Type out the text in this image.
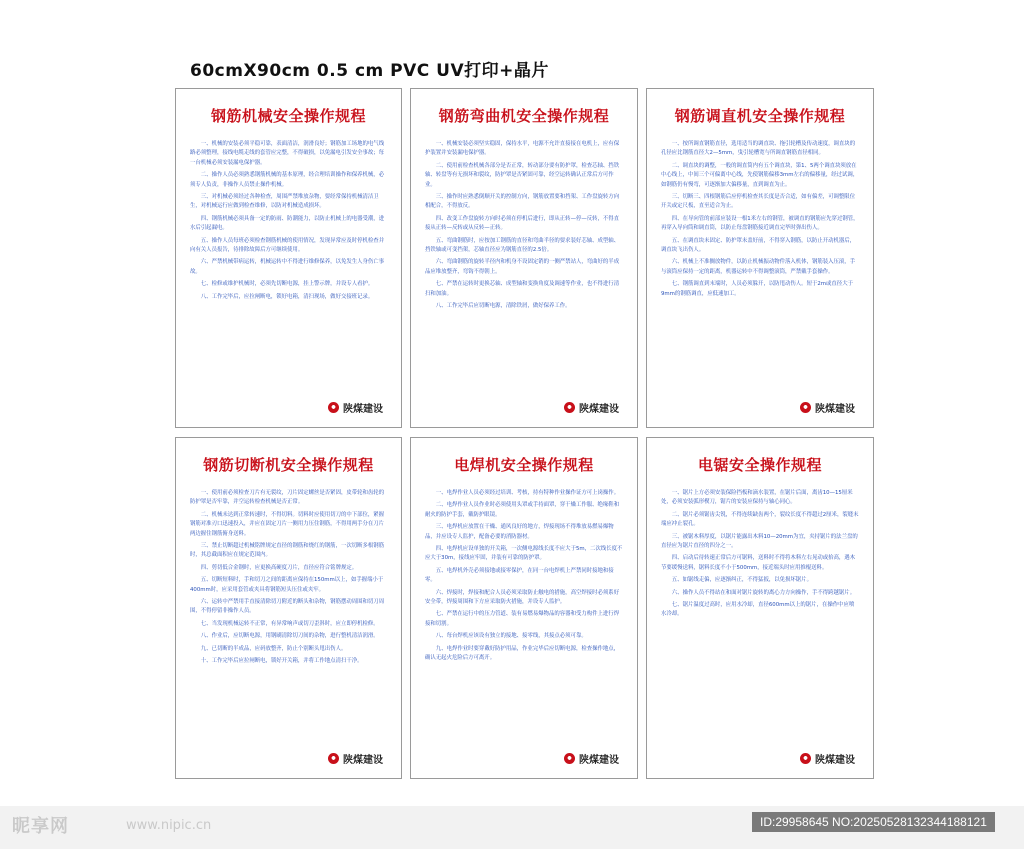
60cmX90cm 0.5 cm PVC UV打印+晶片
钢筋机械安全操作规程

一、机械的安装必须平稳可靠，表面清洁，润滑良好；钢筋加工场地的电气线路必须整理，接线电缆走线的套管应完整，不得破损，以免漏电引发安全事故；每一台机械必须安装漏电保护器。

二、操作人员必须熟悉钢筋机械的基本原理，经合理培训操作和保养机械，必须专人负责，非操作人员禁止操作机械。

三、对机械必须经过各种检查，周围严禁堆放杂物，要经常保持机械清洁卫生，对机械运行应做到检查维修，以防对机械造成损坏。

四、钢筋机械必须具备一定的防雨、防潮能力，以防止机械上的电器受潮，进水后引起漏电。

五、操作人员每班必须检查钢筋机械的使用情况，发现异常应及时停机检查并向有关人员报告，待排除故障后方可继续使用。

六、严禁机械带病运转，机械运转中不得进行维修保养，以免发生人身伤亡事故。

七、检修或维护机械时，必须先切断电源，挂上警示牌，并设专人看护。

八、工作完毕后，应拉闸断电，锁好电箱，清扫现场，做好交接班记录。

陕煤建设
钢筋弯曲机安全操作规程

一、机械安装必须坚实稳固，保持水平，电源不允许直接接在电机上，应有保护装置并安装漏电保护器。

二、使用前检查机械各部分是否正常，转动部分要有防护罩，检查芯轴、挡铁轴、转盘等有无损坏和裂纹，防护罩是否紧固可靠，经空运转确认正常后方可作业。

三、操作时应熟悉倒顺开关的控制方向，钢筋放置要和挡架、工作盘旋转方向相配合，不得放反。

四、改变工作盘旋转方向时必须在停机后进行，即从正转—停—反转，不得直接从正转—反转或从反转—正转。

五、弯曲钢筋时，应按加工钢筋的直径和弯曲半径的要求装好芯轴、成型轴、挡铁轴或可变挡架，芯轴直径应为钢筋直径的2.5倍。

六、弯曲钢筋的旋转半径内和机身不设固定销的一侧严禁站人，弯曲好的半成品应堆放整齐，弯钩不得朝上。

七、严禁在运转时更换芯轴、成型轴和变换角度及调速等作业，也不得进行清扫和加油。

八、工作完毕后应切断电源，清除铁屑，做好保养工作。

陕煤建设
钢筋调直机安全操作规程

一、按所调直钢筋直径，选用适当的调直块、拖引轮槽及传动速度，调直块的孔径应比钢筋直径大2—5mm，曳引轮槽宽与所调直钢筋直径相同。

二、调直块的调整，一般的调直筒内有五个调直块，第1、5两个调直块须放在中心线上，中间三个可偏离中心线，先使钢筋偏移3mm左右的偏移量，经过试调，如钢筋仍有慢弯，可逐渐加大偏移量，直到调直为止。

三、切断三、四根钢筋后应停机检查其长度是否合适，如有偏差，可调整限位开关或定尺板，直至适合为止。

四、在导向管的前部应装设一根1米左右的钢管，被调直的钢筋应先穿过钢管，再穿入导向筒和调直筒，以防止每盘钢筋接近调直完毕时弹出伤人。

五、在调直块未固定、防护罩未盖好前，不得穿入钢筋，以防止开动机器后，调直块飞出伤人。

六、机械上不准搁放物件，以防止机械振动物件落入机体，钢筋装入压滚，手与滚筒应保持一定的距离，机器运转中不得调整滚筒，严禁戴手套操作。

七、钢筋调直到末端时，人员必须躲开，以防甩动伤人。短于2m或直径大于9mm的钢筋调直，应低速加工。

陕煤建设
钢筋切断机安全操作规程

一、使用前必须检查刀片有无裂纹，刀片固定螺丝是否紧固，皮带轮和齿轮的防护罩是否牢靠，并空运转检查机械是否正常。

二、机械未达到正常转速时，不得切料。切料时应使用切刀的中下部位，紧握钢筋对准刃口迅速投入，并应在固定刀片一侧用力压住钢筋，不得用两手分在刀片两边握住钢筋俯身送料。

三、禁止切断超过机械铭牌规定直径的钢筋和烧红的钢筋，一次切断多根钢筋时，其总截面积应在规定范围内。

四、剪切低合金钢时，应更换高硬度刀片，直径应符合铭牌规定。

五、切断短料时，手和切刀之间的距离应保持在150mm以上，如手握端小于400mm时，应采用套管或夹具将钢筋短头压住或夹牢。

六、运转中严禁用手直接清除切刀附近的断头和杂物，钢筋摆动周围和切刀周围，不得停留非操作人员。

七、当发现机械运转不正常，有异常响声或切刀歪斜时，应立即停机检修。

八、作业后，应切断电源，用钢刷清除切刀间的杂物，进行整机清洁润滑。

九、已切断的半成品，应码放整齐，防止个别断头甩出伤人。

十、工作完毕后应拉闸断电，锁好开关箱，并将工作地点清扫干净。

陕煤建设
电焊机安全操作规程

一、电焊作业人员必须经过培训、考核，持有特种作业操作证方可上岗操作。

二、电焊作业人员作业时必须使用头罩或手持面罩，穿干燥工作服、绝缘鞋和耐火的防护手套，戴防护眼镜。

三、电焊机应放置在干燥、通风良好的地方，焊接现场不得堆放易燃易爆物品，并应设专人监护，配备必要的消防器材。

四、电焊机应设单独的开关箱，一次侧电源线长度不应大于5m，二次线长度不应大于30m，接线应牢固，并装有可靠的防护罩。

五、电焊机外壳必须接地或接零保护，在同一台电焊机上严禁同时接地和接零。

六、焊接时，焊接和配合人员必须采取防止触电的措施，高空焊接时必须系好安全带，焊接周围和下方应采取防火措施，并设专人监护。

七、严禁在运行中的压力管道、装有易燃易爆物品的容器和受力构件上进行焊接和切割。

八、每台焊机应该设有独立的接地、接零线，其接点必须可靠。

九、电焊作业时要穿戴好防护用品，作业完毕后应切断电源，检查操作地点，确认无起火危险后方可离开。

陕煤建设
电锯安全操作规程

一、锯片上方必须安装保险挡板和滴水装置，在锯片后面，离齿10—15厘米处，必须安装弧形楔刀，锯片的安装应保持与轴心同心。

二、锯片必须锯齿尖锐，不得连续缺齿两个，裂纹长度不得超过2厘米，裂缝末端应冲止裂孔。

三、被锯木料厚度，以锯片能露出木料10—20mm为宜，夹持锯片的法兰盘的直径应为锯片直径的四分之一。

四、启动后待转速正常后方可锯料，送料时不得将木料左右晃动或抬高，遇木节要缓慢送料，锯料长度不小于500mm，接近端头时应用推棍送料。

五、如锯线走偏，应逐渐纠正，不得猛扳，以免损坏锯片。

六、操作人员不得站在和面对锯片旋转的离心力方向操作，手不得跨越锯片。

七、锯片温度过高时，应用水冷却，直径600mm以上的锯片，在操作中应喷水冷却。

陕煤建设
昵享网	www.nipic.cn	ID:29958645 NO:20250528132344188121
